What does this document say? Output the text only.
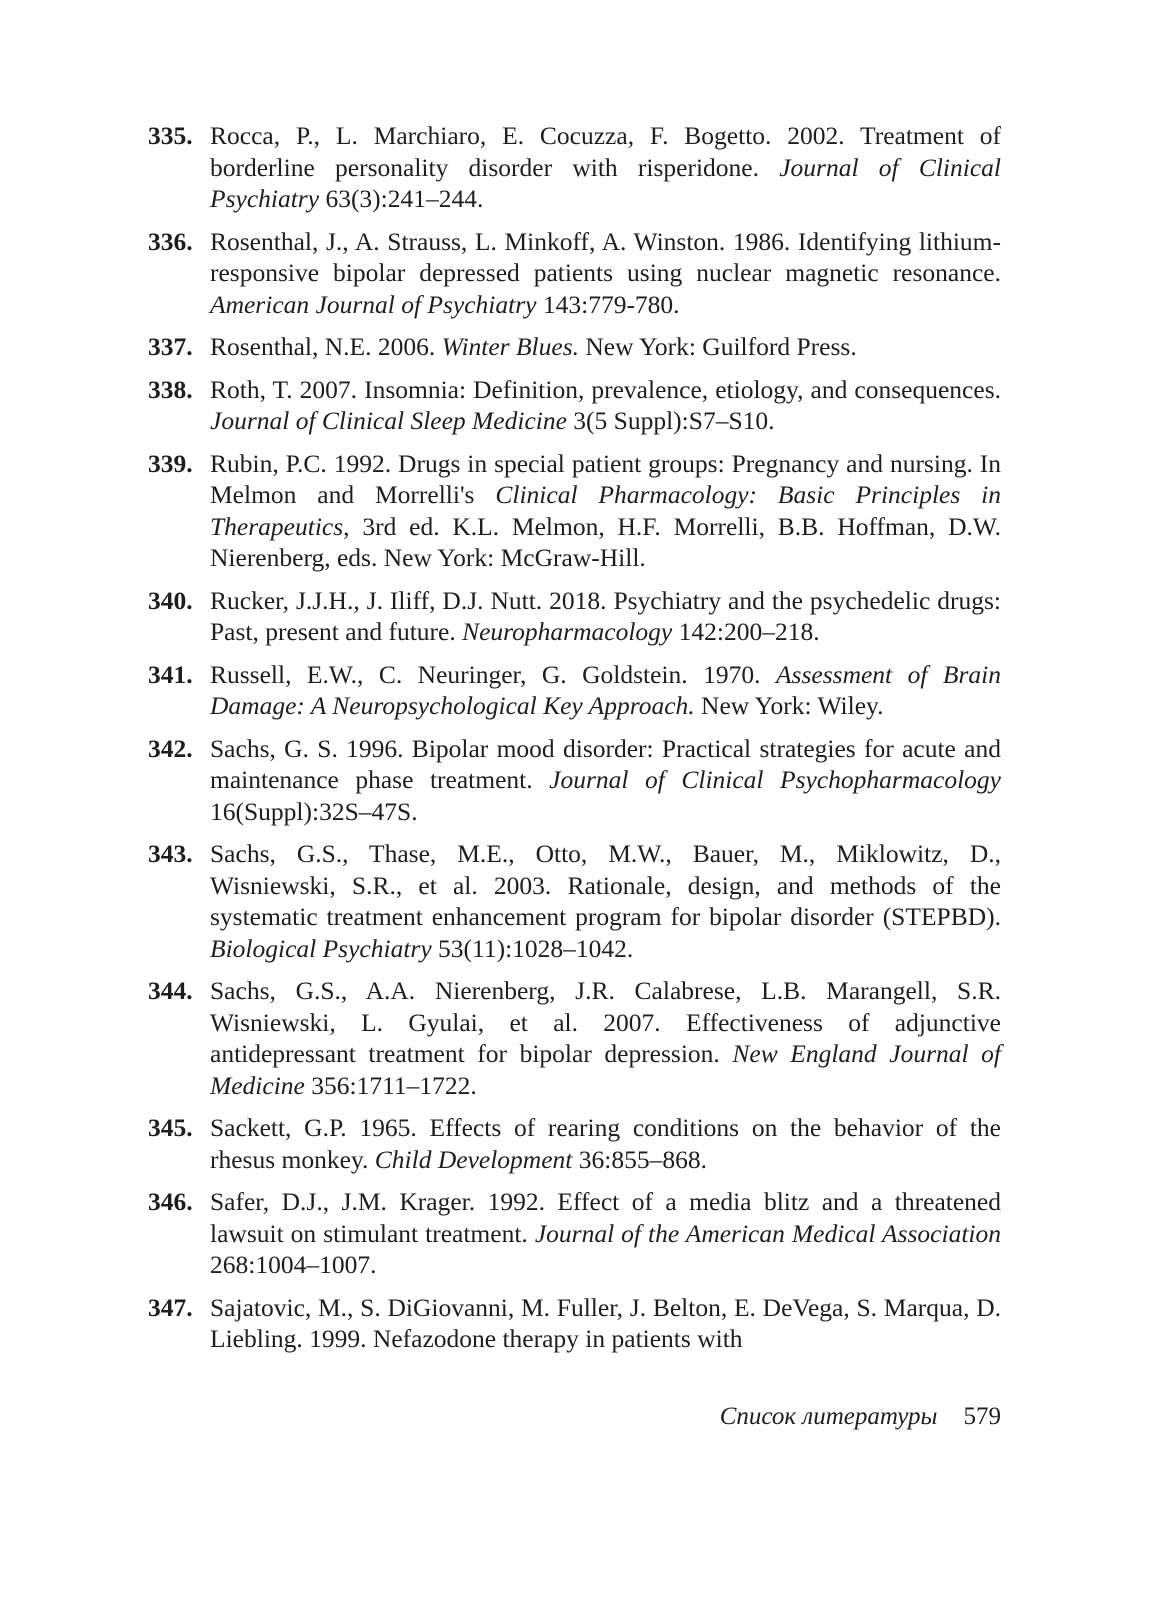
335. Rocca, P., L. Marchiaro, E. Cocuzza, F. Bogetto. 2002. Treatment of borderline personality disorder with risperidone. Journal of Clinical Psychiatry 63(3):241–244.
336. Rosenthal, J., A. Strauss, L. Minkoff, A. Winston. 1986. Identifying lithium-responsive bipolar depressed patients using nuclear magnetic resonance. American Journal of Psychiatry 143:779-780.
337. Rosenthal, N.E. 2006. Winter Blues. New York: Guilford Press.
338. Roth, T. 2007. Insomnia: Definition, prevalence, etiology, and consequences. Journal of Clinical Sleep Medicine 3(5 Suppl):S7–S10.
339. Rubin, P.C. 1992. Drugs in special patient groups: Pregnancy and nursing. In Melmon and Morrelli's Clinical Pharmacology: Basic Principles in Therapeutics, 3rd ed. K.L. Melmon, H.F. Morrelli, B.B. Hoffman, D.W. Nierenberg, eds. New York: McGraw-Hill.
340. Rucker, J.J.H., J. Iliff, D.J. Nutt. 2018. Psychiatry and the psychedelic drugs: Past, present and future. Neuropharmacology 142:200–218.
341. Russell, E.W., C. Neuringer, G. Goldstein. 1970. Assessment of Brain Damage: A Neuropsychological Key Approach. New York: Wiley.
342. Sachs, G. S. 1996. Bipolar mood disorder: Practical strategies for acute and maintenance phase treatment. Journal of Clinical Psychopharmacology 16(Suppl):32S–47S.
343. Sachs, G.S., Thase, M.E., Otto, M.W., Bauer, M., Miklowitz, D., Wisniewski, S.R., et al. 2003. Rationale, design, and methods of the systematic treatment enhancement program for bipolar disorder (STEPBD). Biological Psychiatry 53(11):1028–1042.
344. Sachs, G.S., A.A. Nierenberg, J.R. Calabrese, L.B. Marangell, S.R. Wisniewski, L. Gyulai, et al. 2007. Effectiveness of adjunctive antidepressant treatment for bipolar depression. New England Journal of Medicine 356:1711–1722.
345. Sackett, G.P. 1965. Effects of rearing conditions on the behavior of the rhesus monkey. Child Development 36:855–868.
346. Safer, D.J., J.M. Krager. 1992. Effect of a media blitz and a threatened lawsuit on stimulant treatment. Journal of the American Medical Association 268:1004–1007.
347. Sajatovic, M., S. DiGiovanni, M. Fuller, J. Belton, E. DeVega, S. Marqua, D. Liebling. 1999. Nefazodone therapy in patients with
Список литературы 579
